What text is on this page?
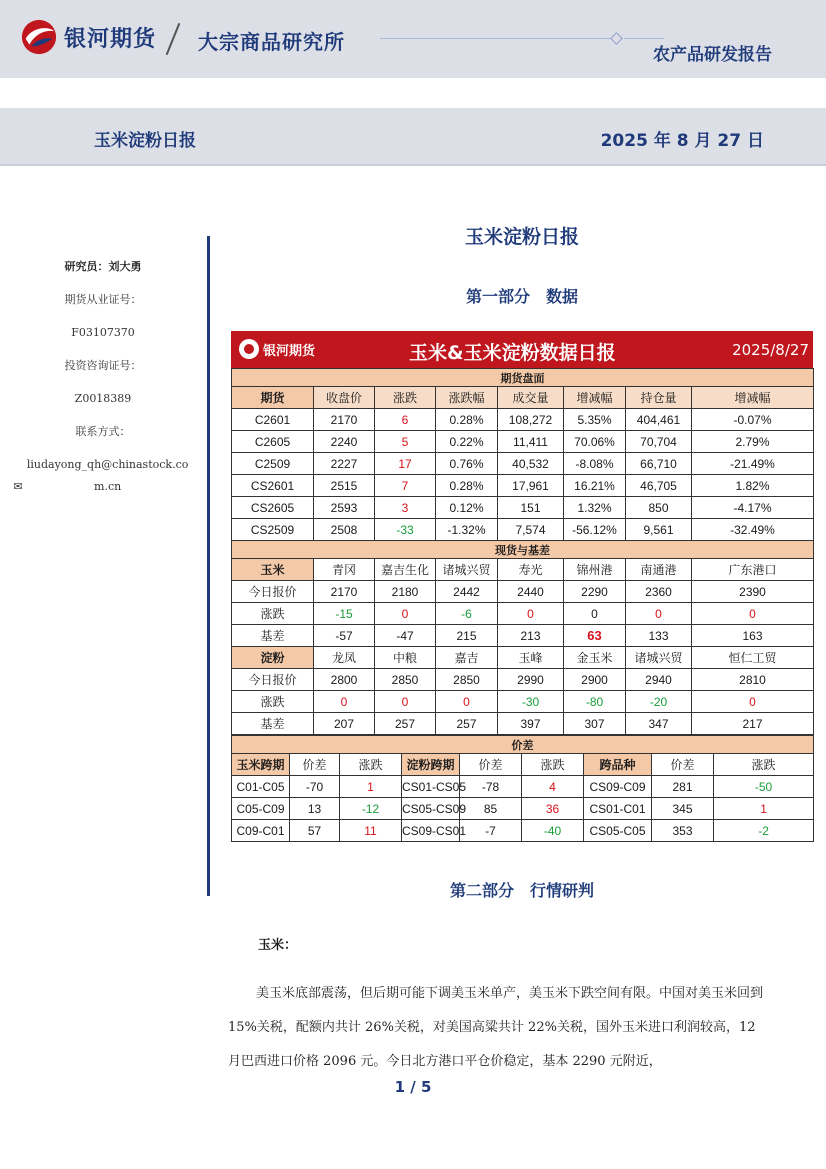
银河期货 大宗商品研究所
农产品研发报告
玉米淀粉日报	2025 年 8 月 27 日
研究员：刘大勇
期货从业证号：
F03107370
投资咨询证号：
Z0018389
联系方式：
✉liudayong_qh@chinastock.com.cn
玉米淀粉日报
第一部分　数据
银河期货	玉米&玉米淀粉数据日报	2025/8/27
期货盘面							
期货	收盘价	涨跌	涨跌幅	成交量	增减幅	持仓量	增减幅
C2601	2170	6	0.28%	108,272	5.35%	404,461	-0.07%
C2605	2240	5	0.22%	11,411	70.06%	70,704	2.79%
C2509	2227	17	0.76%	40,532	-8.08%	66,710	-21.49%
CS2601	2515	7	0.28%	17,961	16.21%	46,705	1.82%
CS2605	2593	3	0.12%	151	1.32%	850	-4.17%
CS2509	2508	-33	-1.32%	7,574	-56.12%	9,561	-32.49%
现货与基差							
玉米	青冈	嘉吉生化	诸城兴贸	寿光	锦州港	南通港	广东港口
今日报价	2170	2180	2442	2440	2290	2360	2390
涨跌	-15	0	-6	0	0	0	0
基差	-57	-47	215	213	63	133	163
淀粉	龙凤	中粮	嘉吉	玉峰	金玉米	诸城兴贸	恒仁工贸
今日报价	2800	2850	2850	2990	2900	2940	2810
涨跌	0	0	0	-30	-80	-20	0
基差	207	257	257	397	307	347	217
价差								
玉米跨期	价差	涨跌	淀粉跨期	价差	涨跌	跨品种	价差	涨跌
C01-C05	-70	1	CS01-CS05	-78	4	CS09-C09	281	-50
C05-C09	13	-12	CS05-CS09	85	36	CS01-C01	345	1
C09-C01	57	11	CS09-CS01	-7	-40	CS05-C05	353	-2
第二部分　行情研判
玉米：
美玉米底部震荡，但后期可能下调美玉米单产，美玉米下跌空间有限。中国对美玉米回到 15%关税，配额内共计 26%关税，对美国高粱共计 22%关税，国外玉米进口利润较高，12 月巴西进口价格 2096 元。今日北方港口平仓价稳定，基本 2290 元附近，
1 / 5
